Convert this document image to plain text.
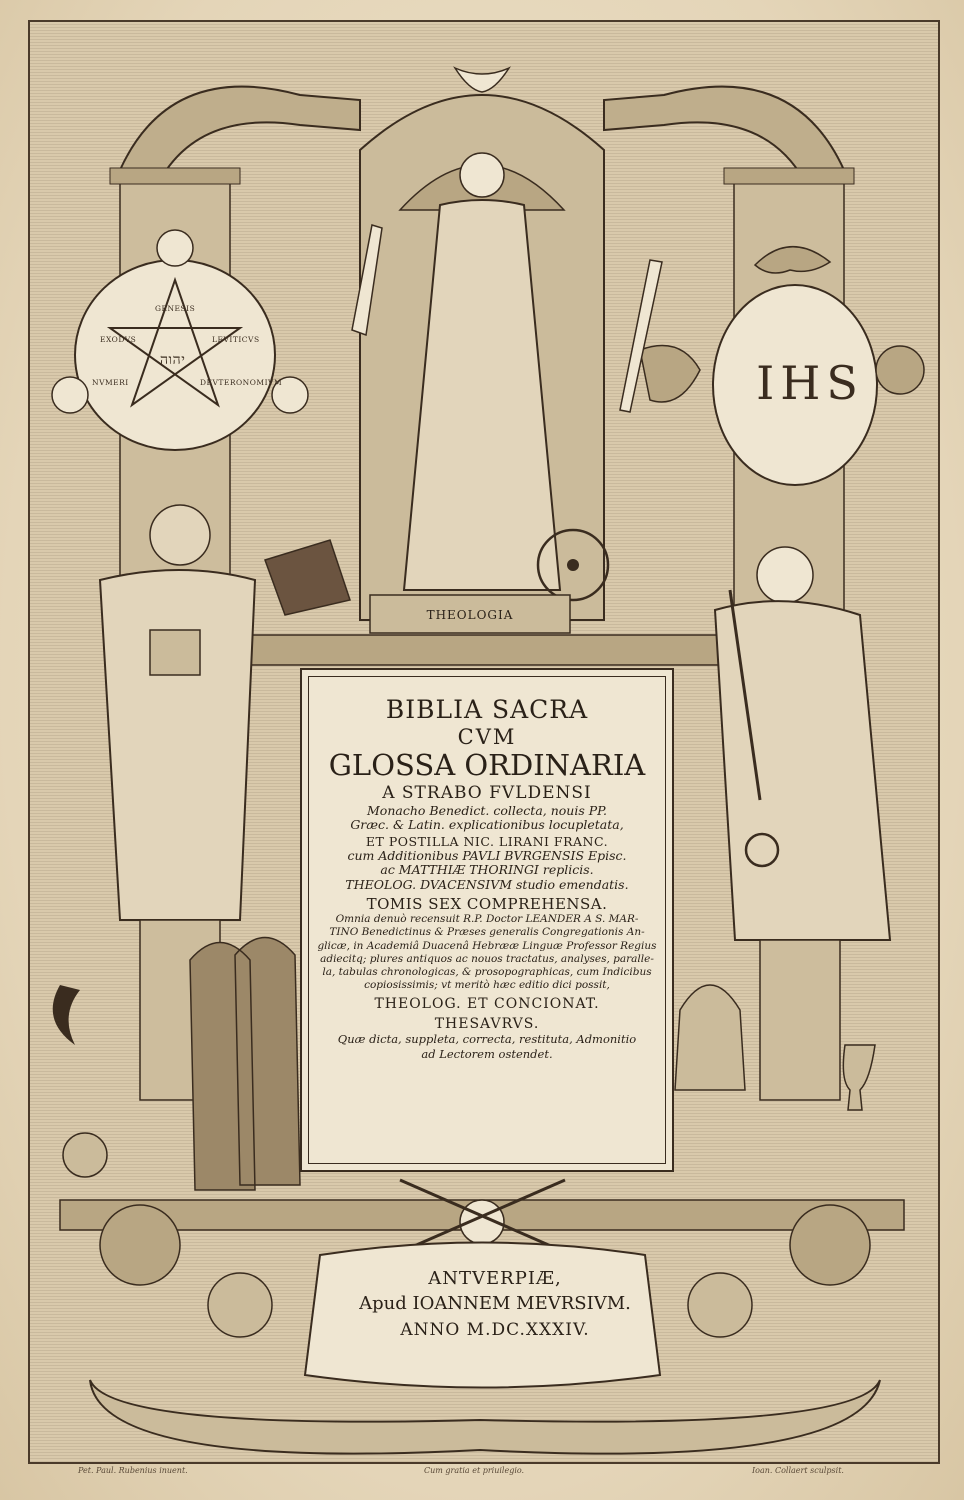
GENESIS
EXODVS	LEVITICVS
NVMERI	DEVTERONOMIVM
יהוה	IHS
THEOLOGIA
BIBLIA SACRA
CVM
GLOSSA ORDINARIA
A STRABO FVLDENSI
Monacho Benedict. collecta, nouis PP.
Græc. & Latin. explicationibus locupletata,
ET POSTILLA NIC. LIRANI FRANC.
cum Additionibus PAVLI BVRGENSIS Episc.
ac MATTHIÆ THORINGI replicis.
THEOLOG. DVACENSIVM studio emendatis.
TOMIS SEX COMPREHENSA.
Omnia denuò recensuit R.P. Doctor LEANDER A S. MAR-
TINO Benedictinus & Præses generalis Congregationis An-
glicæ, in Academiâ Duacenâ Hebrææ Linguæ Professor Regius
adiecitq; plures antiquos ac nouos tractatus, analyses, paralle-
la, tabulas chronologicas, & prosopographicas, cum Indicibus
copiosissimis; vt meritò hæc editio dici possit,
THEOLOG. ET CONCIONAT.
THESAVRVS.
Quæ dicta, suppleta, correcta, restituta, Admonitio
ad Lectorem ostendet.
ANTVERPIÆ,
Apud IOANNEM MEVRSIVM.
ANNO M.DC.XXXIV.
Pet. Paul. Rubenius inuent.	Cum gratia et priuilegio.	Ioan. Collaert sculpsit.
